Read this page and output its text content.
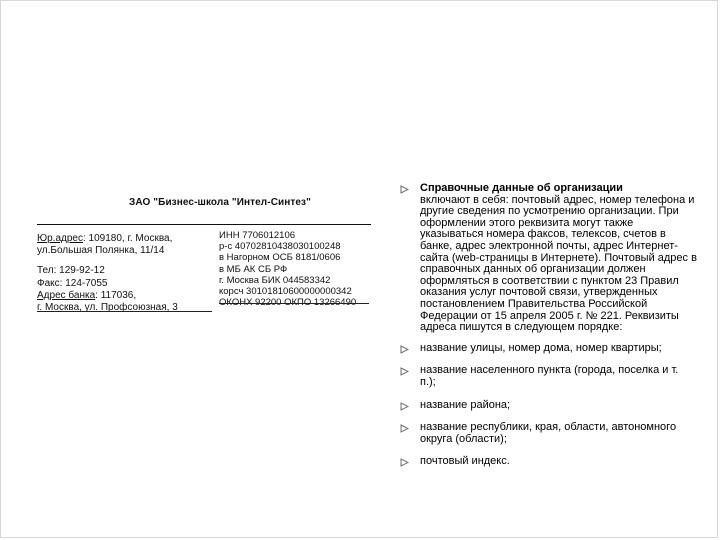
ЗАО "Бизнес-школа "Интел-Синтез"
Юр.адрес: 109180, г. Москва,
ул.Большая Полянка, 11/14
Тел: 129-92-12
Факс: 124-7055
Адрес банка: 117036,
г. Москва, ул. Профсоюзная, 3
ИНН 7706012106
р-с 40702810438030100248
в Нагорном ОСБ 8181/0606
в МБ АК СБ РФ
г. Москва БИК 044583342
корсч 30101810600000000342
ОКОНХ 92200 ОКПО 13266490
Справочные данные об организации
включают в себя: почтовый адрес, номер телефона и другие сведения по усмотрению организации. При оформлении этого реквизита могут также указываться номера факсов, телексов, счетов в банке, адрес электронной почты, адрес Интернет-сайта (web-страницы в Интернете). Почтовый адрес в справочных данных об организации должен оформляться в соответствии с пунктом 23 Правил оказания услуг почтовой связи, утвержденных постановлением Правительства Российской Федерации от 15 апреля 2005 г. № 221. Реквизиты адреса пишутся в следующем порядке:
название улицы, номер дома, номер квартиры;
название населенного пункта (города, поселка и т. п.);
название района;
название республики, края, области, автономного округа (области);
почтовый индекс.
